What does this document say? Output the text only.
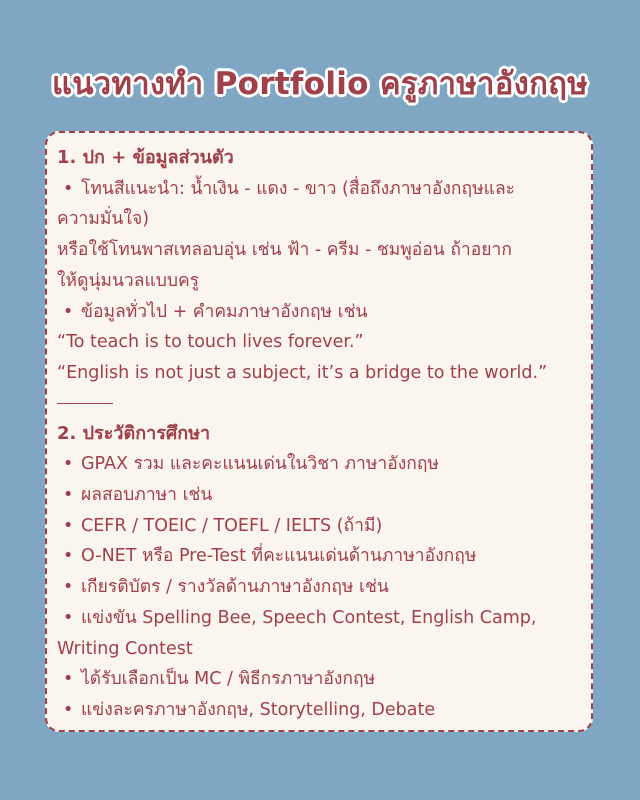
แนวทางทำ Portfolio ครูภาษาอังกฤษ
1. ปก + ข้อมูลส่วนตัว
• โทนสีแนะนำ: น้ำเงิน - แดง - ขาว (สื่อถึงภาษาอังกฤษและ
ความมั่นใจ)
หรือใช้โทนพาสเทลอบอุ่น เช่น ฟ้า - ครีม - ชมพูอ่อน ถ้าอยาก
ให้ดูนุ่มนวลแบบครู
• ข้อมูลทั่วไป + คำคมภาษาอังกฤษ เช่น
“To teach is to touch lives forever.”
“English is not just a subject, it’s a bridge to the world.”
2. ประวัติการศึกษา
• GPAX รวม และคะแนนเด่นในวิชา ภาษาอังกฤษ
• ผลสอบภาษา เช่น
• CEFR / TOEIC / TOEFL / IELTS (ถ้ามี)
• O-NET หรือ Pre-Test ที่คะแนนเด่นด้านภาษาอังกฤษ
• เกียรติบัตร / รางวัลด้านภาษาอังกฤษ เช่น
• แข่งขัน Spelling Bee, Speech Contest, English Camp,
Writing Contest
• ได้รับเลือกเป็น MC / พิธีกรภาษาอังกฤษ
• แข่งละครภาษาอังกฤษ, Storytelling, Debate
